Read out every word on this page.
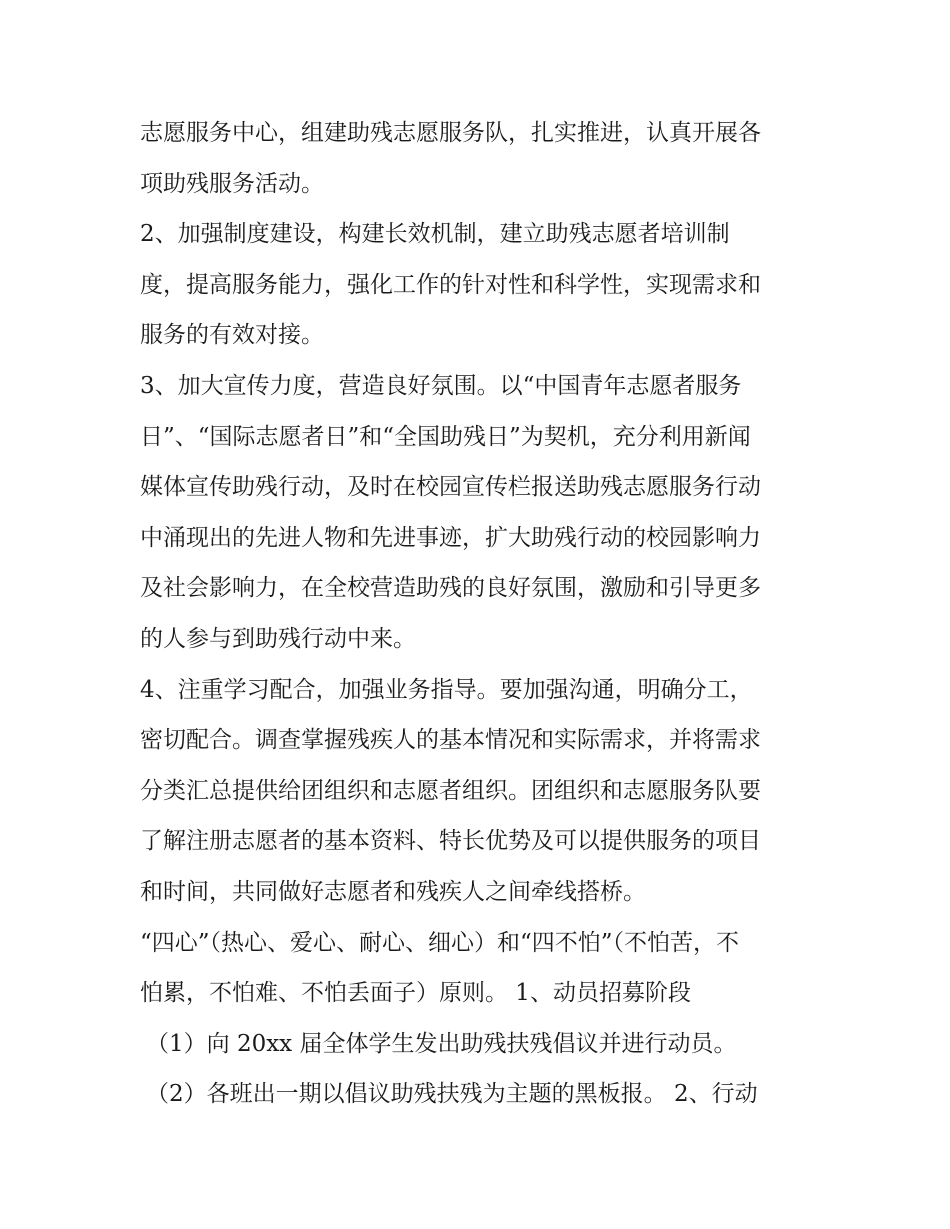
志愿服务中心，组建助残志愿服务队，扎实推进，认真开展各
项助残服务活动。
2、加强制度建设，构建长效机制，建立助残志愿者培训制
度，提高服务能力，强化工作的针对性和科学性，实现需求和
服务的有效对接。
3、加大宣传力度，营造良好氛围。以“中国青年志愿者服务
日”、“国际志愿者日”和“全国助残日”为契机，充分利用新闻
媒体宣传助残行动，及时在校园宣传栏报送助残志愿服务行动
中涌现出的先进人物和先进事迹，扩大助残行动的校园影响力
及社会影响力，在全校营造助残的良好氛围，激励和引导更多
的人参与到助残行动中来。
4、注重学习配合，加强业务指导。要加强沟通，明确分工，
密切配合。调查掌握残疾人的基本情况和实际需求，并将需求
分类汇总提供给团组织和志愿者组织。团组织和志愿服务队要
了解注册志愿者的基本资料、特长优势及可以提供服务的项目
和时间，共同做好志愿者和残疾人之间牵线搭桥。
“四心”（热心、爱心、耐心、细心）和“四不怕”（不怕苦，不
怕累，不怕难、不怕丢面子）原则。 1、动员招募阶段
（1）向 20xx 届全体学生发出助残扶残倡议并进行动员。
（2）各班出一期以倡议助残扶残为主题的黑板报。 2、行动
